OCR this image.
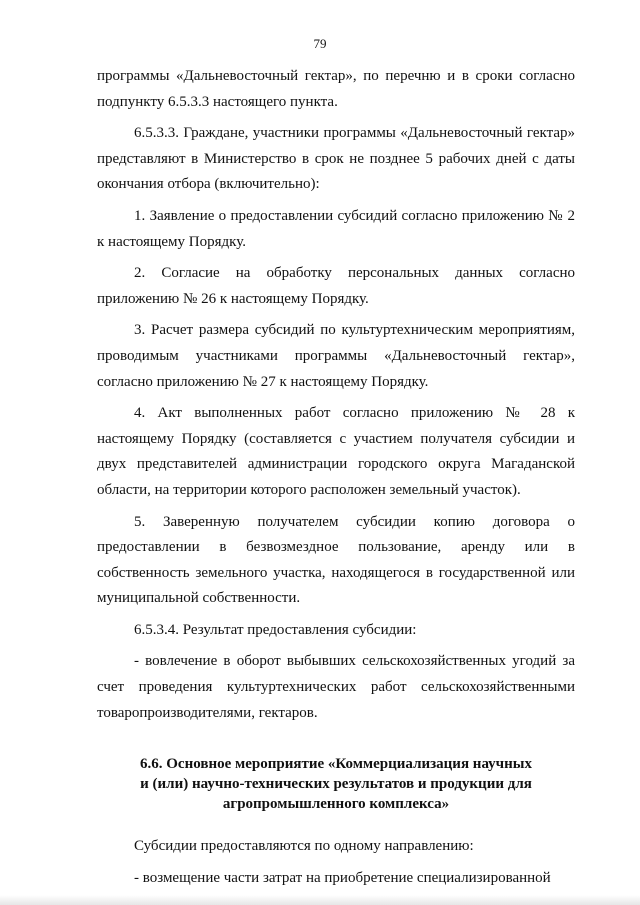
79

программы «Дальневосточный гектар», по перечню и в сроки согласно подпункту 6.5.3.3 настоящего пункта.

6.5.3.3. Граждане, участники программы «Дальневосточный гектар» представляют в Министерство в срок не позднее 5 рабочих дней с даты окончания отбора (включительно):

1. Заявление о предоставлении субсидий согласно приложению № 2 к настоящему Порядку.

2. Согласие на обработку персональных данных согласно приложению № 26 к настоящему Порядку.

3. Расчет размера субсидий по культуртехническим мероприятиям, проводимым участниками программы «Дальневосточный гектар», согласно приложению № 27 к настоящему Порядку.

4. Акт выполненных работ согласно приложению № 28 к настоящему Порядку (составляется с участием получателя субсидии и двух представителей администрации городского округа Магаданской области, на территории которого расположен земельный участок).

5. Заверенную получателем субсидии копию договора о предоставлении в безвозмездное пользование, аренду или в собственность земельного участка, находящегося в государственной или муниципальной собственности.

6.5.3.4. Результат предоставления субсидии:

- вовлечение в оборот выбывших сельскохозяйственных угодий за счет проведения культуртехнических работ сельскохозяйственными товаропроизводителями, гектаров.

6.6. Основное мероприятие «Коммерциализация научных
и (или) научно-технических результатов и продукции для
агропромышленного комплекса»

Субсидии предоставляются по одному направлению:

- возмещение части затрат на приобретение специализированной
